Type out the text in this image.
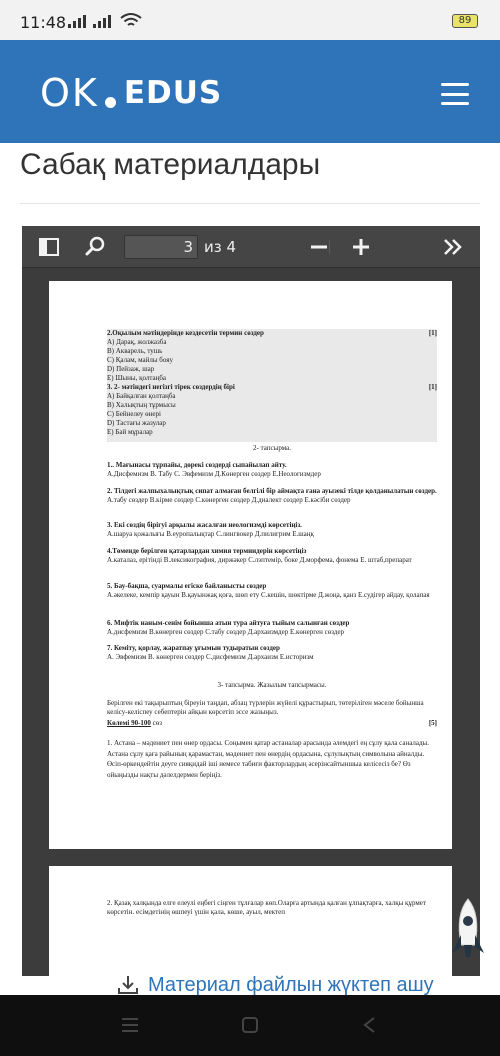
11:48	89
OK EDUS
Сабақ материалдары
3
из 4
2.Оқылым мәтіндерінде кездесетін термин сөздер	[1]
А) Дарақ, жолжазба
В) Акварель, тушь
С) Қалам, майлы бояу
D) Пейзаж, шар
Е) Шыны, қолтаңба
3. 2- мәтіндегі негізгі тірек сөздердің бірі	[1]
А) Байқалған қолтаңба
В) Халықтың тұрмысы
С) Бейнелеу өнері
D) Тастағы жазулар
Е) Бай мұралар
2- тапсырма.
1.. Мағынасы тұрпайы, дөрекі сөздерді сыпайылап айту.
А.Дисфемизм В. Табу С. Эвфемизм Д.Көнерген сөздер Е.Неологизмдер
2. Тілдегі жалпыхалықтық сипат алмаған белгілі бір аймақта ғана ауызекі тілде қолданылатын сөздер.
А.табу сөздер В.кірме сөздер С.көнерген сөздер Д.диалект сөздер Е.кәсіби сөздер
3. Екі сөздің бірігуі арқылы жасалған неологизмді көрсетіңіз.
А.шаруа қожалығы В.еуропалықтар С.лингвокер Д.пилигрим Е.шаңқ
4.Төменде берілген қатарлардан химия терминдерін көрсетіңіз
А.каталаз, ерітінді В.лексикография, диржәкер С.лэптемір, боке Д.морфема, фонема Е. штаб,препарат
5. Бау-бақша, суармалы егіске байланысты сөздер
А.әкелеке, кемпір қауын В.қауынжақ қоға, шөп ету С.кешін, шөктірме Д.жоңа, қанз Е.судігер айдау, қолапая
6. Мифтік наным-сенім бойынша атын тура айтуға тыйым салынған сөздер
А.дисфемизм В.көнерген сөздер С.табу сөздер Д.архаизмдер Е.көнерген сөздер
7. Кеміту, қорлау, жаратпау ұғымын тудыратын сөздер
А. Эвфемизм В. көнерген сөздер С.дисфемизм Д.архаизм Е.историзм
3- тапсырма. Жазылым тапсырмасы.
Берілген екі тақырыптың біреуін таңдап, абзац түрлерін жүйелі құрастырып, төтеріліген мәселе бойынша келісу-келіспеу себептерін айқын көрсетіп эссе жазыңыз.
Көлемі 90-100 сөз	[5]
1. Астана – мәдениет пен өнер ордасы. Соңымен қатар астаналар арасында әлемдегі ең сұлу қала саналады. Астана сұлу қаға райының қарамастан, мәдениет пен өнердің ордасына, сұлулықтың символына айналды. Өсіп-өркендейтін деуге сияқидай іші немесе табиғи факторлардың әсерінсайтыншыа келісесіз бе? Өз ойыңызды нақты дәлелдермен беріңіз.
2. Қазақ халқында елге елеулі еңбегі сіңген тұлғалар көп.Оларға артында қалған ұлпақтарға, халқы құрмет көрсетін. есімдетінің өшпеуі үшін қала, көше, ауыл, мектеп
Материал файлын жүктеп ашу
